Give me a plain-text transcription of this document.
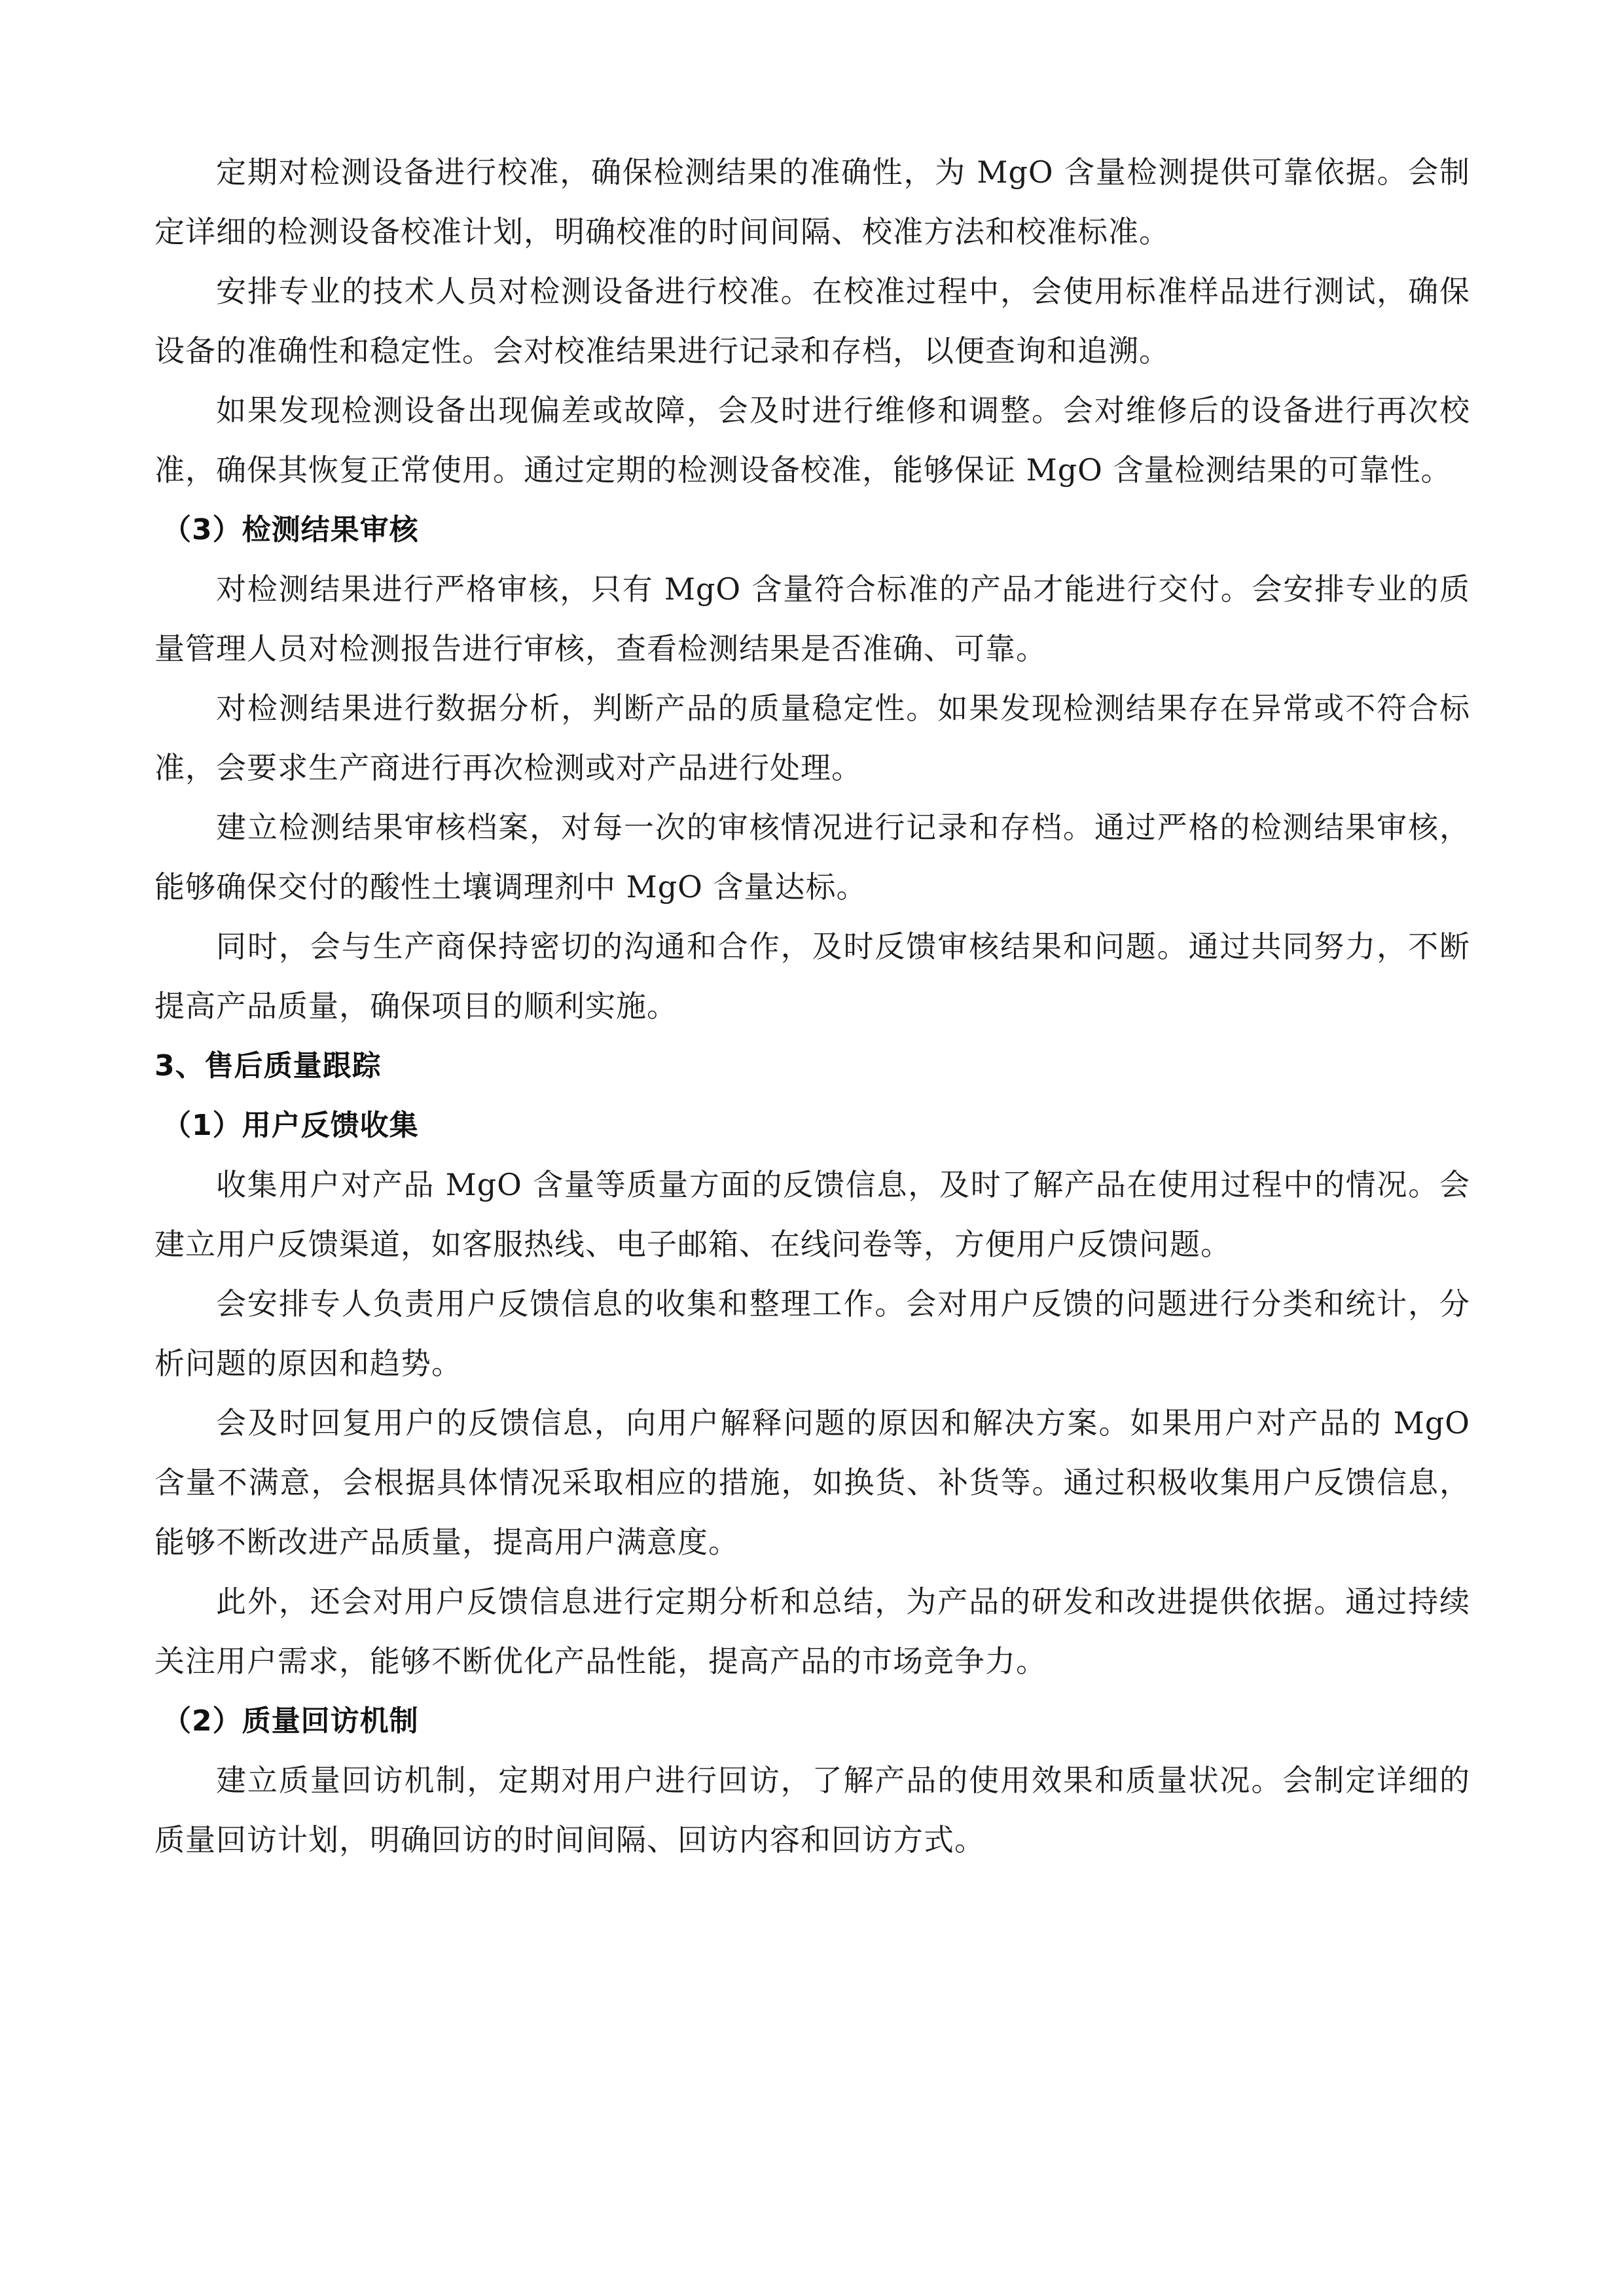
定期对检测设备进行校准，确保检测结果的准确性，为 MgO 含量检测提供可靠依据。会制定详细的检测设备校准计划，明确校准的时间间隔、校准方法和校准标准。

安排专业的技术人员对检测设备进行校准。在校准过程中，会使用标准样品进行测试，确保设备的准确性和稳定性。会对校准结果进行记录和存档，以便查询和追溯。

如果发现检测设备出现偏差或故障，会及时进行维修和调整。会对维修后的设备进行再次校准，确保其恢复正常使用。通过定期的检测设备校准，能够保证 MgO 含量检测结果的可靠性。

（3）检测结果审核

对检测结果进行严格审核，只有 MgO 含量符合标准的产品才能进行交付。会安排专业的质量管理人员对检测报告进行审核，查看检测结果是否准确、可靠。

对检测结果进行数据分析，判断产品的质量稳定性。如果发现检测结果存在异常或不符合标准，会要求生产商进行再次检测或对产品进行处理。

建立检测结果审核档案，对每一次的审核情况进行记录和存档。通过严格的检测结果审核，能够确保交付的酸性土壤调理剂中 MgO 含量达标。

同时，会与生产商保持密切的沟通和合作，及时反馈审核结果和问题。通过共同努力，不断提高产品质量，确保项目的顺利实施。

3、售后质量跟踪

（1）用户反馈收集

收集用户对产品 MgO 含量等质量方面的反馈信息，及时了解产品在使用过程中的情况。会建立用户反馈渠道，如客服热线、电子邮箱、在线问卷等，方便用户反馈问题。

会安排专人负责用户反馈信息的收集和整理工作。会对用户反馈的问题进行分类和统计，分析问题的原因和趋势。

会及时回复用户的反馈信息，向用户解释问题的原因和解决方案。如果用户对产品的 MgO 含量不满意，会根据具体情况采取相应的措施，如换货、补货等。通过积极收集用户反馈信息，能够不断改进产品质量，提高用户满意度。

此外，还会对用户反馈信息进行定期分析和总结，为产品的研发和改进提供依据。通过持续关注用户需求，能够不断优化产品性能，提高产品的市场竞争力。

（2）质量回访机制

建立质量回访机制，定期对用户进行回访，了解产品的使用效果和质量状况。会制定详细的质量回访计划，明确回访的时间间隔、回访内容和回访方式。
